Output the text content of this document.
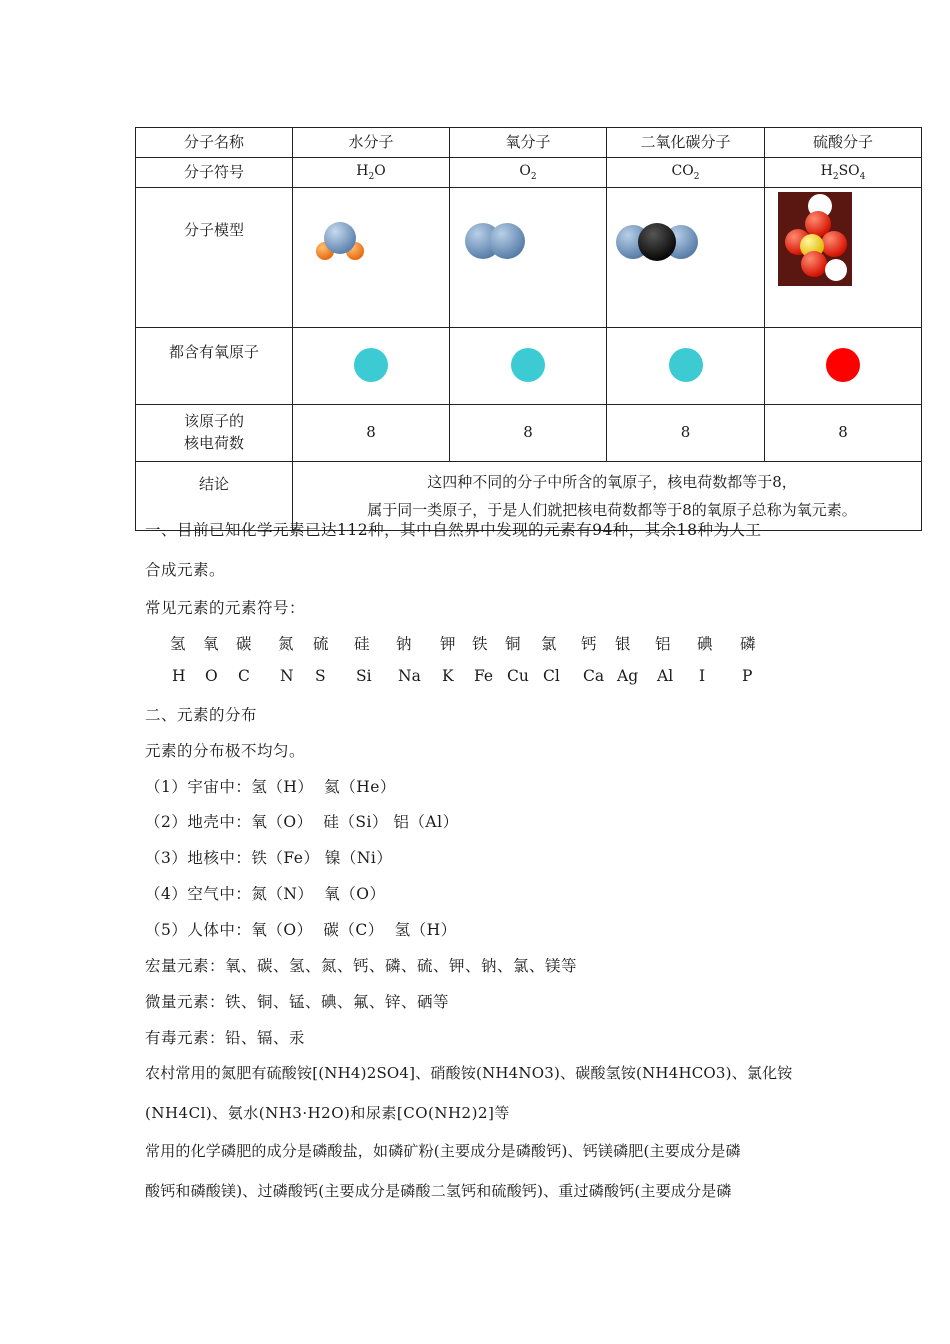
分子名称	水分子	氧分子	二氧化碳分子	硫酸分子
分子符号	$H_2O$	$O_2$	$CO_2$	$H_2SO_4$
分子模型	

都含有氧原子				
该原子的
核电荷数	8	8	8	8
结论	这四种不同的分子中所含的氧原子，核电荷数都等于8，
属于同一类原子，于是人们就把核电荷数都等于8的氧原子总称为氧元素。			
一、目前已知化学元素已达112种，其中自然界中发现的元素有94种，其余18种为人工
合成元素。
常见元素的元素符号：
氢 氧 碳 氮 硫 硅 钠 钾 铁 铜 氯 钙 银 铝 碘 磷
H O C N S Si Na K Fe Cu Cl Ca Ag Al I P
二、元素的分布
元素的分布极不均匀。
（1）宇宙中：氢（H）  氦（He）
（2）地壳中：氧（O）  硅（Si） 铝（Al）
（3）地核中：铁（Fe） 镍（Ni）
（4）空气中：氮（N）  氧（O）
（5）人体中：氧（O）  碳（C）  氢（H）
宏量元素：氧、碳、氢、氮、钙、磷、硫、钾、钠、氯、镁等
微量元素：铁、铜、锰、碘、氟、锌、硒等
有毒元素：铅、镉、汞
农村常用的氮肥有硫酸铵[(NH4)2SO4]、硝酸铵(NH4NO3)、碳酸氢铵(NH4HCO3)、氯化铵
(NH4Cl)、氨水(NH3·H2O)和尿素[CO(NH2)2]等
常用的化学磷肥的成分是磷酸盐，如磷矿粉(主要成分是磷酸钙)、钙镁磷肥(主要成分是磷
酸钙和磷酸镁)、过磷酸钙(主要成分是磷酸二氢钙和硫酸钙)、重过磷酸钙(主要成分是磷
